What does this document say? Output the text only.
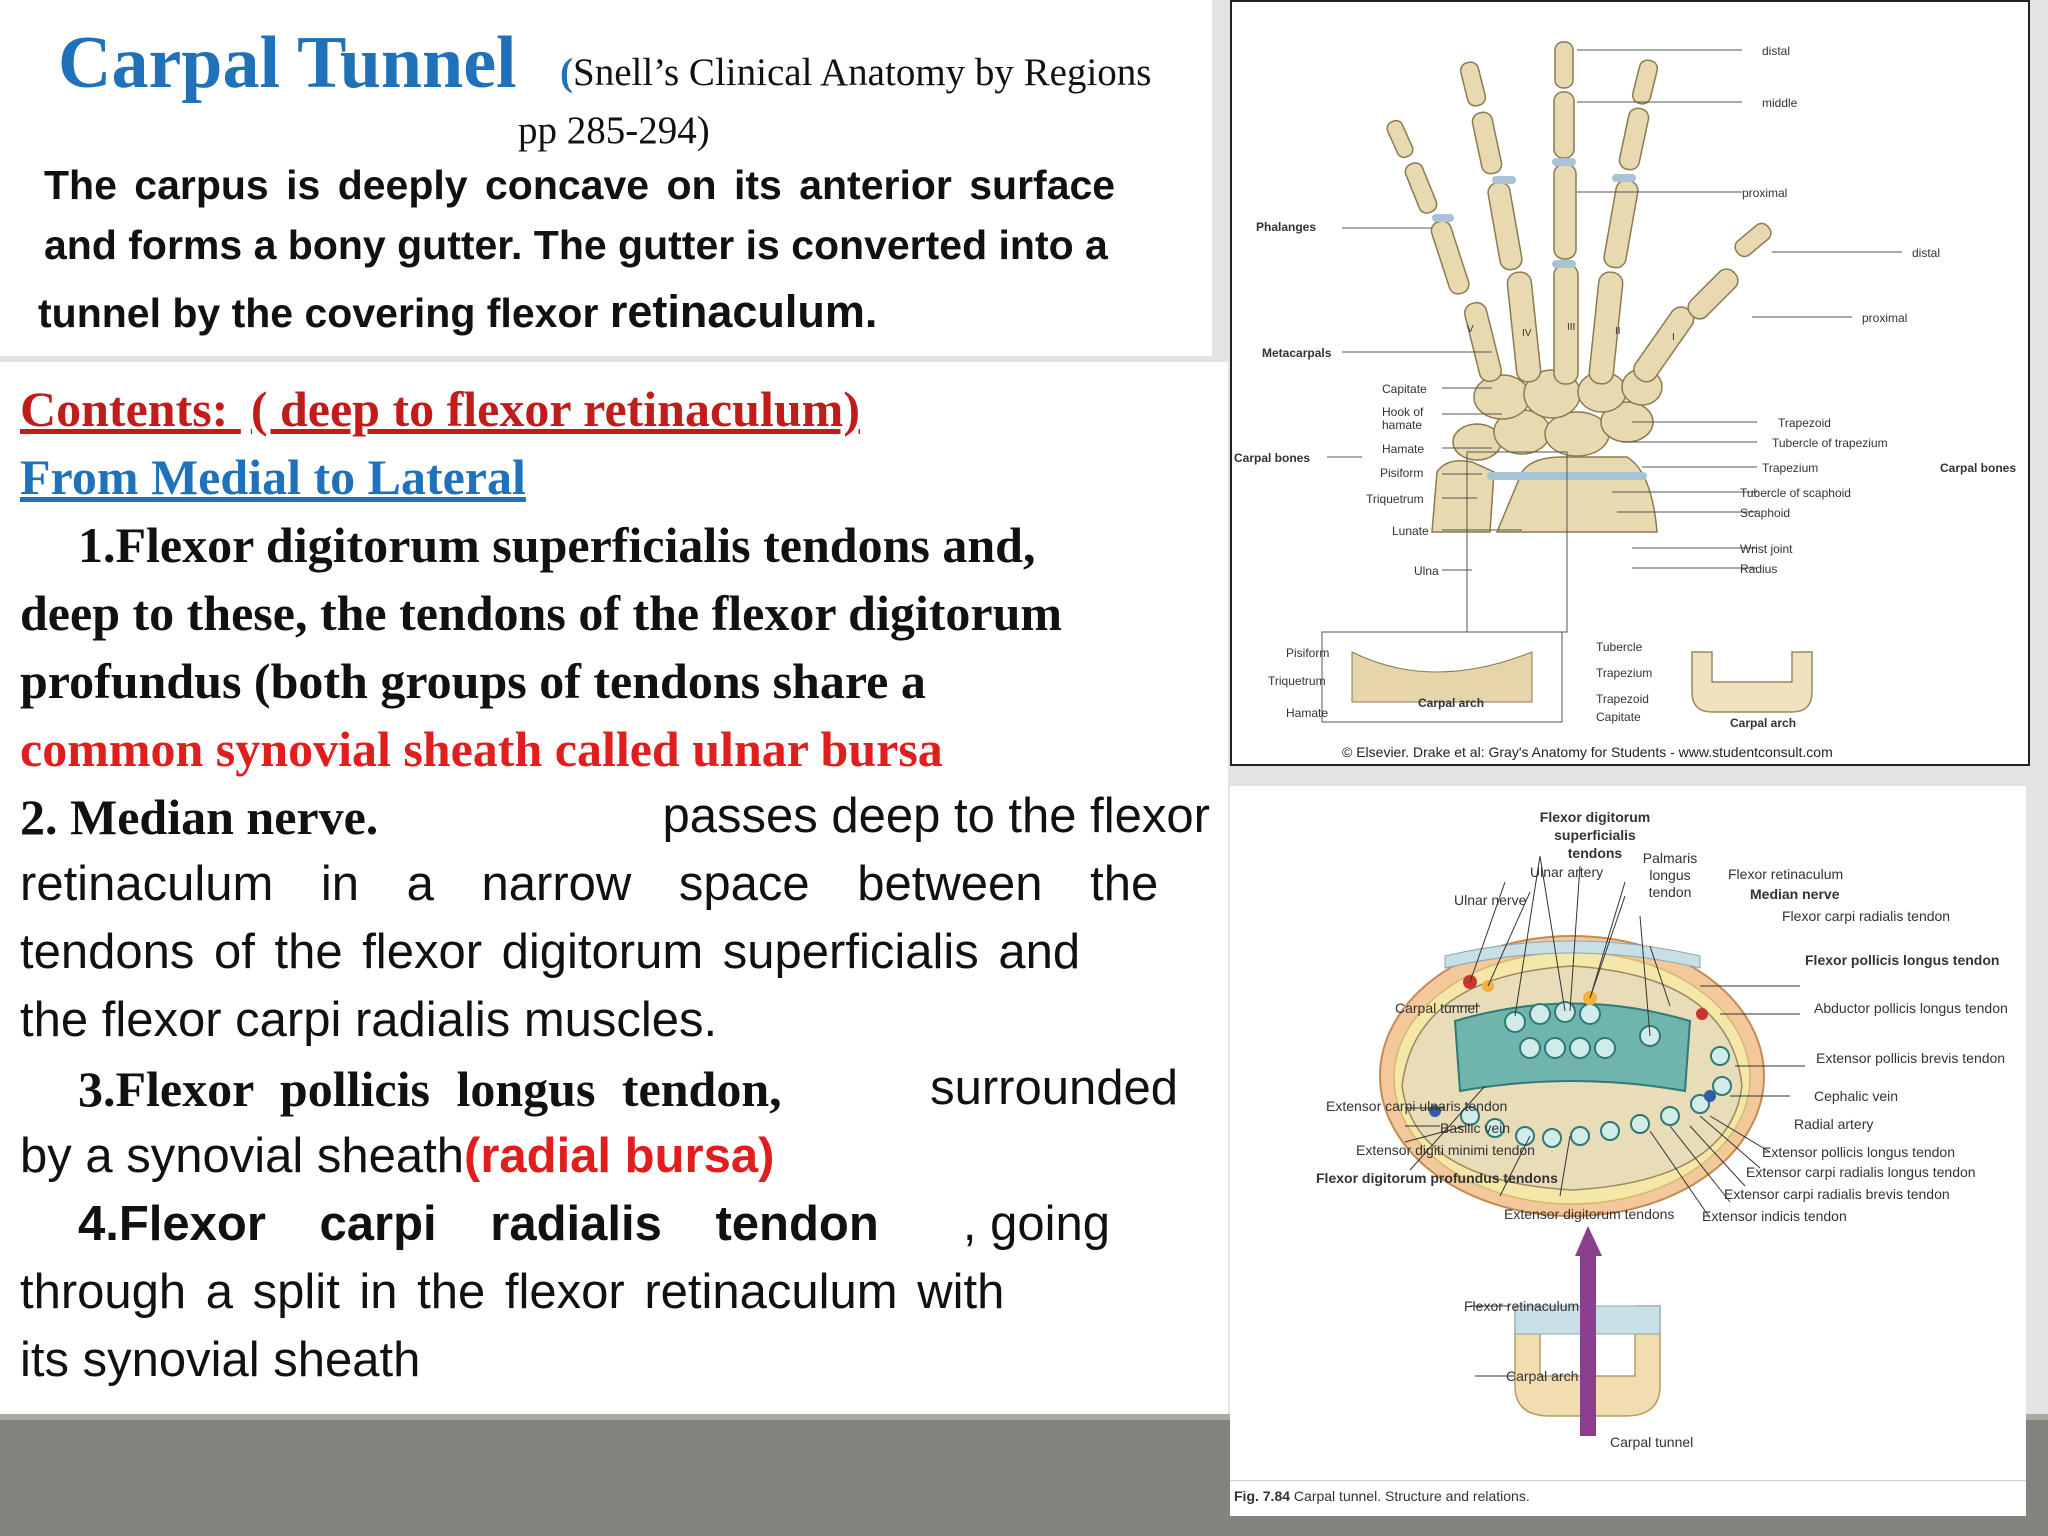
Carpal Tunnel (Snell’s Clinical Anatomy by Regions
pp 285-294)
The carpus is deeply concave on its anterior surface
and forms a bony gutter. The gutter is converted into a
tunnel by the covering flexor retinaculum.
Contents: ( deep to flexor retinaculum)
From Medial to Lateral
1.Flexor digitorum superficialis tendons and,
deep to these, the tendons of the flexor digitorum
profundus (both groups of tendons share a
common synovial sheath called ulnar bursa
2. Median nerve.	passes deep to the flexor
retinaculum in a narrow space between the
tendons of the flexor digitorum superficialis and
the flexor carpi radialis muscles.
3.Flexor pollicis longus tendon,	surrounded
by a synovial sheath(radial bursa)
4.Flexor carpi radialis tendon , going
through a split in the flexor retinaculum with
its synovial sheath
distal
middle
proximal
distal
proximal
Phalanges
Metacarpals
Capitate
Hook of hamate
Hamate
Carpal bones
Pisiform
Triquetrum
Lunate
Ulna
Trapezoid
Tubercle of trapezium
Trapezium	Carpal bones
Tubercle of scaphoid
Scaphoid
Wrist joint
Radius
Pisiform
Triquetrum
Hamate
Tubercle
Trapezium
Trapezoid
Capitate
Carpal arch
Carpal arch
V	IV
III	II
I
© Elsevier. Drake et al: Gray's Anatomy for Students - www.studentconsult.com
Flexor digitorum superficialis tendons	Palmaris longus tendon
Ulnar artery
Ulnar nerve
Flexor retinaculum
Median nerve
Flexor carpi radialis tendon
Flexor pollicis longus tendon
Carpal tunnel	Abductor pollicis longus tendon
Extensor pollicis brevis tendon
Cephalic vein
Radial artery
Extensor carpi ulnaris tendon
Basilic vein
Extensor digiti minimi tendon
Flexor digitorum profundus tendons
Extensor pollicis longus tendon
Extensor carpi radialis longus tendon
Extensor carpi radialis brevis tendon
Extensor digitorum tendons Extensor indicis tendon
Flexor retinaculum
Carpal arch
Carpal tunnel
Fig. 7.84 Carpal tunnel. Structure and relations.
